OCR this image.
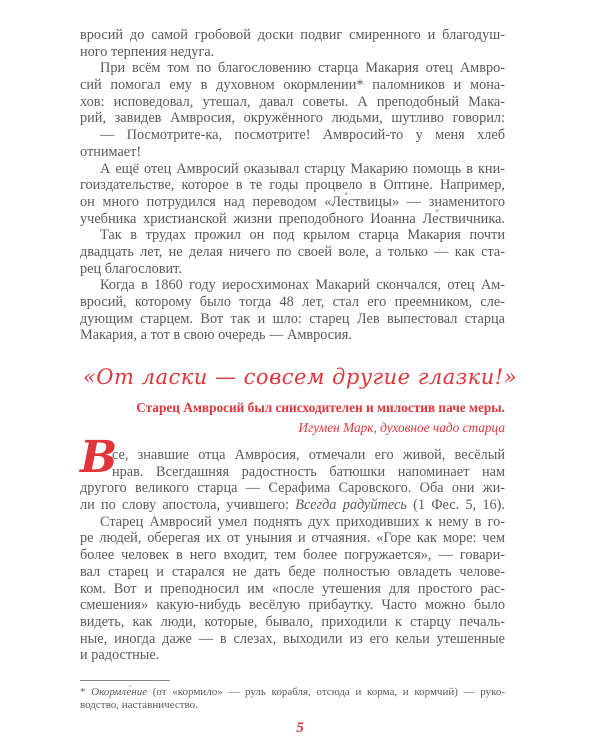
вросий до самой гробовой доски подвиг смиренного и благодуш-
ного терпения недуга.
При всём том по благословению старца Макария отец Амвро-
сий помогал ему в духовном окормлении* паломников и мона-
хов: исповедовал, утешал, давал советы. А преподобный Мака-
рий, завидев Амвросия, окружённого людьми, шутливо говорил:
— Посмотрите-ка, посмотрите! Амвросий-то у меня хлеб
отнимает!
А ещё отец Амвросий оказывал старцу Макарию помощь в кни-
гоиздательстве, которое в те годы процвело в Оптине. Например,
он много потрудился над переводом «Ле́ствицы» — знаменитого
учебника христианской жизни преподобного Иоанна Ле́ствичника.
Так в трудах прожил он под крылом старца Макария почти
двадцать лет, не делая ничего по своей воле, а только — как ста-
рец благословит.
Когда в 1860 году иеросхимонах Макарий скончался, отец Ам-
вросий, которому было тогда 48 лет, стал его преемником, сле-
дующим старцем. Вот так и шло: старец Лев выпестовал старца
Макария, а тот в свою очередь — Амвросия.
«От ласки — совсем другие глазки!»
Старец Амвросий был снисходителен и милостив паче меры.
Игумен Марк, духовное чадо старца
В
се, знавшие отца Амвросия, отмечали его живой, весёлый
нрав. Всегдашняя радостность батюшки напоминает нам
другого великого старца — Серафима Саровского. Оба они жи-
ли по слову апостола, учившего: Всегда радуйтесь (1 Фес. 5, 16).
Старец Амвросий умел поднять дух приходивших к нему в го-
ре людей, оберегая их от уныния и отчаяния. «Горе как море: чем
более человек в него входит, тем более погружается», — говари-
вал старец и старался не дать беде полностью овладеть челове-
ком. Вот и преподносил им «после утешения для простого рас-
смешения» какую-нибудь весёлую прибаутку. Часто можно было
видеть, как люди, которые, бывало, приходили к старцу печаль-
ные, иногда даже — в слезах, выходили из его кельи утешенные
и радостные.
* Окормле́ние (от «кормило» — руль корабля, отсюда и корма, и кормчий) — руко-
водство, наставничество.
5
